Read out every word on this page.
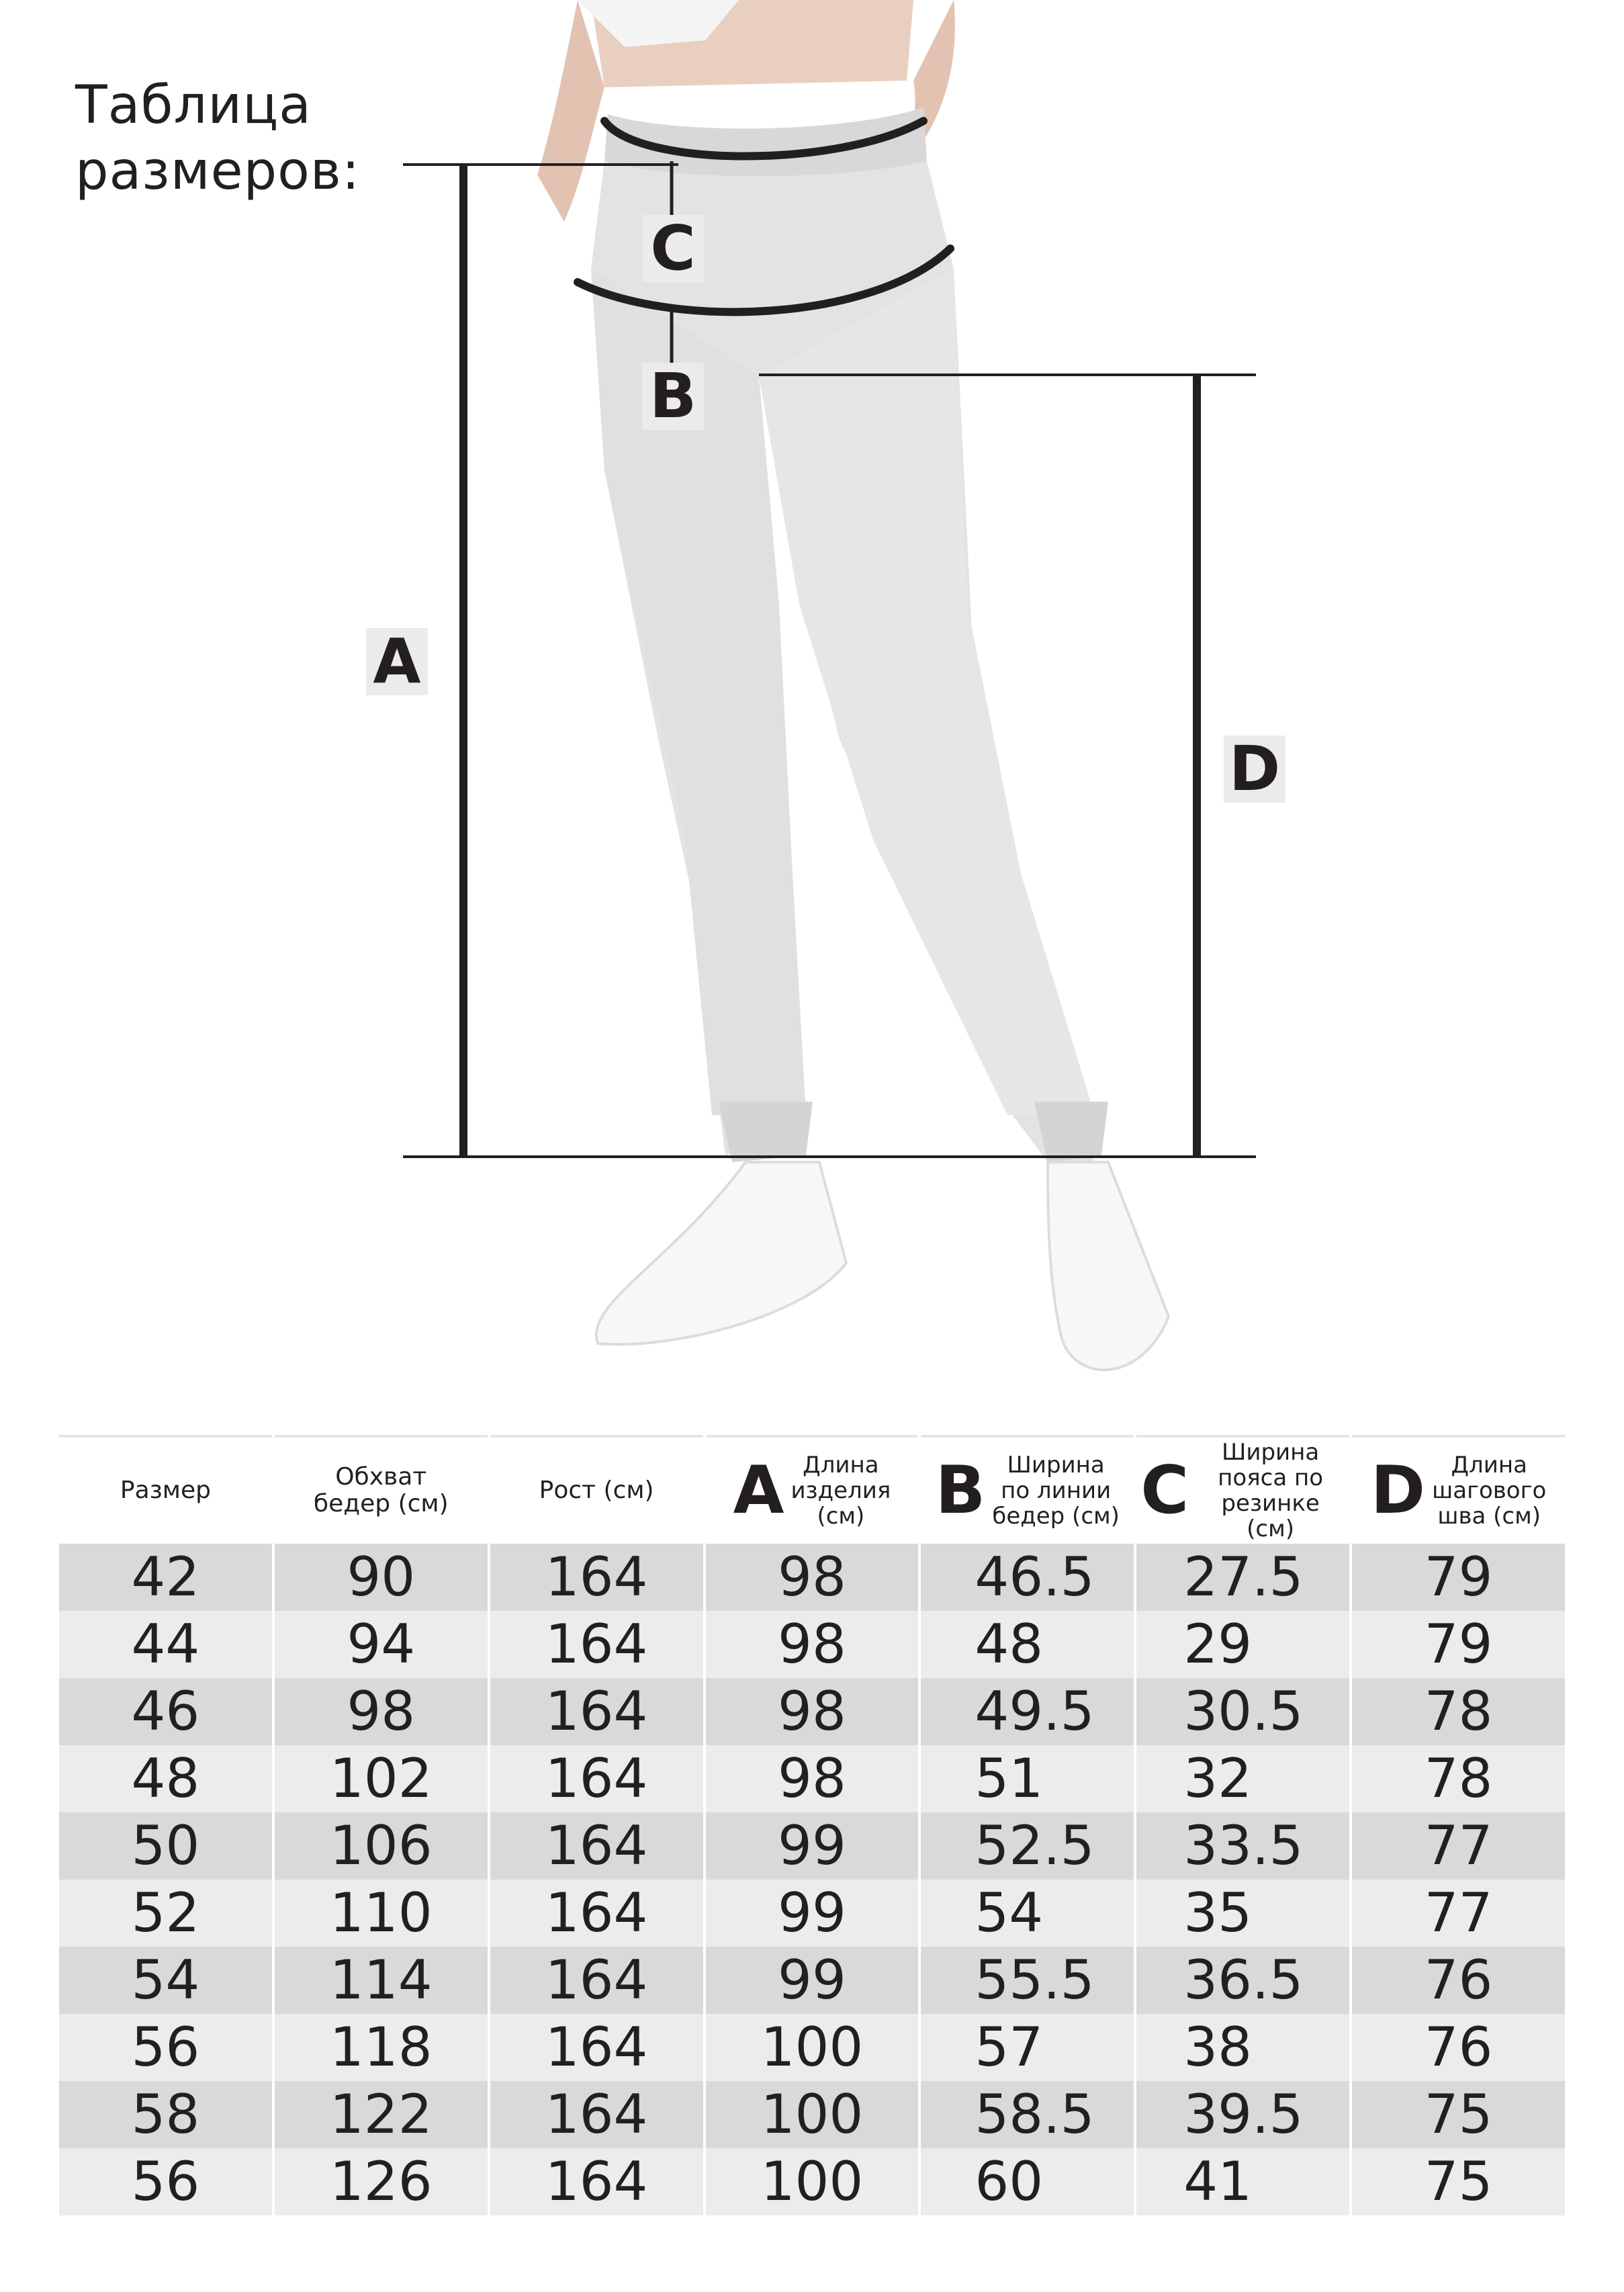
Таблица
размеров:
C
B
A
D
Размер	Обхват
бедер (см)	Рост (см)	A Длина
изделия
(см)	B Ширина
по линии
бедер (см)	C Ширина
пояса по
резинке (см)	D Длина
шагового
шва (см)

42	90	164	98	46.5	27.5	79
44	94	164	98	48	29	79
46	98	164	98	49.5	30.5	78
48	102	164	98	51	32	78
50	106	164	99	52.5	33.5	77
52	110	164	99	54	35	77
54	114	164	99	55.5	36.5	76
56	118	164	100	57	38	76
58	122	164	100	58.5	39.5	75
56	126	164	100	60	41	75
